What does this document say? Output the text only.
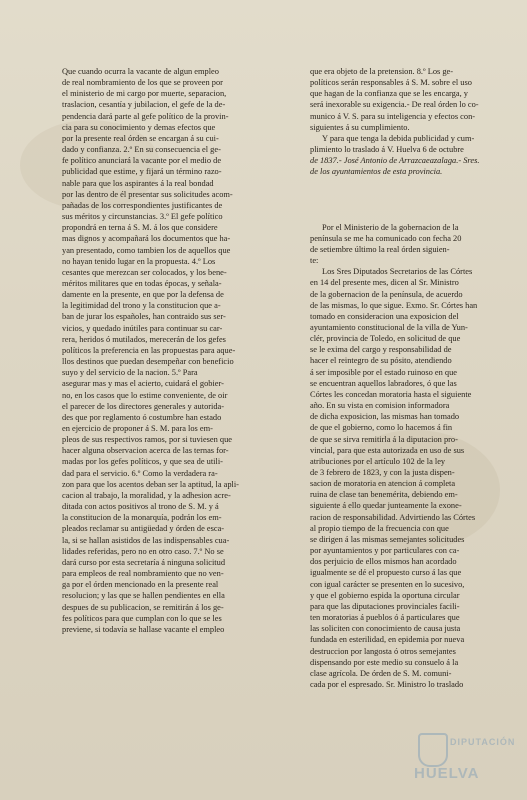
Que cuando ocurra la vacante de algun empleo
de real nombramiento de los que se proveen por
el ministerio de mi cargo por muerte, separacion,
traslacion, cesantía y jubilacion, el gefe de la de-
pendencia dará parte al gefe político de la provin-
cia para su conocimiento y demas efectos que
por la presente real órden se encargan á su cui-
dado y confianza. 2.º En su consecuencia el ge-
fe político anunciará la vacante por el medio de
publicidad que estime, y fijará un término razo-
nable para que los aspirantes á la real bondad
por las dentro de él presentar sus solicitudes acom-
pañadas de los correspondientes justificantes de
sus méritos y circunstancias. 3.º El gefe político
propondrá en terna á S. M. á los que considere
mas dignos y acompañará los documentos que ha-
yan presentado, como tambien los de aquellos que
no hayan tenido lugar en la propuesta. 4.º Los
cesantes que merezcan ser colocados, y los bene-
méritos militares que en todas épocas, y señala-
damente en la presente, en que por la defensa de
la legitimidad del trono y la constitucion que a-
ban de jurar los españoles, han contraido sus ser-
vicios, y quedado inútiles para continuar su car-
rera, heridos ó mutilados, merecerán de los gefes
políticos la preferencia en las propuestas para aque-
llos destinos que puedan desempeñar con beneficio
suyo y del servicio de la nacion. 5.º Para
asegurar mas y mas el acierto, cuidará el gobier-
no, en los casos que lo estime conveniente, de oir
el parecer de los directores generales y autorida-
des que por reglamento ó costumbre han estado
en ejercicio de proponer á S. M. para los em-
pleos de sus respectivos ramos, por si tuviesen que
hacer alguna observacion acerca de las ternas for-
madas por los gefes políticos, y que sea de utili-
dad para el servicio. 6.º Como la verdadera ra-
zon para que los acentos deban ser la aptitud, la apli-
cacion al trabajo, la moralidad, y la adhesion acre-
ditada con actos positivos al trono de S. M. y á
la constitucion de la monarquía, podrán los em-
pleados reclamar su antigüedad y órden de esca-
la, si se hallan asistidos de las indispensables cua-
lidades referidas, pero no en otro caso. 7.º No se
dará curso por esta secretaría á ninguna solicitud
para empleos de real nombramiento que no ven-
ga por el órden mencionado en la presente real
resolucion; y las que se hallen pendientes en ella
despues de su publicacion, se remitirán á los ge-
fes políticos para que cumplan con lo que se les
previene, si todavía se hallase vacante el empleo
que era objeto de la pretension. 8.º Los ge-
políticos serán responsables á S. M. sobre el uso
que hagan de la confianza que se les encarga, y
será inexorable su exigencia.- De real órden lo co-
munico á V. S. para su inteligencia y efectos con-
siguientes á su cumplimiento.
Y para que tenga la debida publicidad y cum-
plimiento lo traslado á V. Huelva 6 de octubre
de 1837.- José Antonio de Arrazcaeazalaga.- Sres.
de los ayuntamientos de esta provincia.
Por el Ministerio de la gobernacion de la
península se me ha comunicado con fecha 20
de setiembre último la real órden siguien-
te:
Los Sres Diputados Secretarios de las Córtes
en 14 del presente mes, dicen al Sr. Ministro
de la gobernacion de la península, de acuerdo
de las mismas, lo que sigue. Exmo. Sr. Córtes han
tomado en consideracion una exposicion del
ayuntamiento constitucional de la villa de Yun-
clér, provincia de Toledo, en solicitud de que
se le exima del cargo y responsabilidad de
hacer el reintegro de su pósito, atendiendo
á ser imposible por el estado ruinoso en que
se encuentran aquellos labradores, ó que las
Córtes les concedan moratoria hasta el siguiente
año. En su vista en comision informadora
de dicha exposicion, las mismas han tomado
de que el gobierno, como lo hacemos á fin
de que se sirva remitirla á la diputacion pro-
vincial, para que esta autorizada en uso de sus
atribuciones por el artículo 102 de la ley
de 3 febrero de 1823, y con la justa dispen-
sacion de moratoria en atencion á completa
ruina de clase tan benemérita, debiendo em-
siguiente á ello quedar junteamente la exone-
racion de responsabilidad. Advirtiendo las Córtes
al propio tiempo de la frecuencia con que
se dirigen á las mismas semejantes solicitudes
por ayuntamientos y por particulares con ca-
dos perjuicio de ellos mismos han acordado
igualmente se dé el propuesto curso á las que
con igual carácter se presenten en lo sucesivo,
y que el gobierno espida la oportuna circular
para que las diputaciones provinciales facili-
ten moratorias á pueblos ó á particulares que
las soliciten con conocimiento de causa justa
fundada en esterilidad, en epidemia por nueva
destruccion por langosta ó otros semejantes
dispensando por este medio su consuelo á la
clase agrícola. De órden de S. M. comuni-
cada por el espresado. Sr. Ministro lo traslado
DIPUTACIÓN
HUELVA
